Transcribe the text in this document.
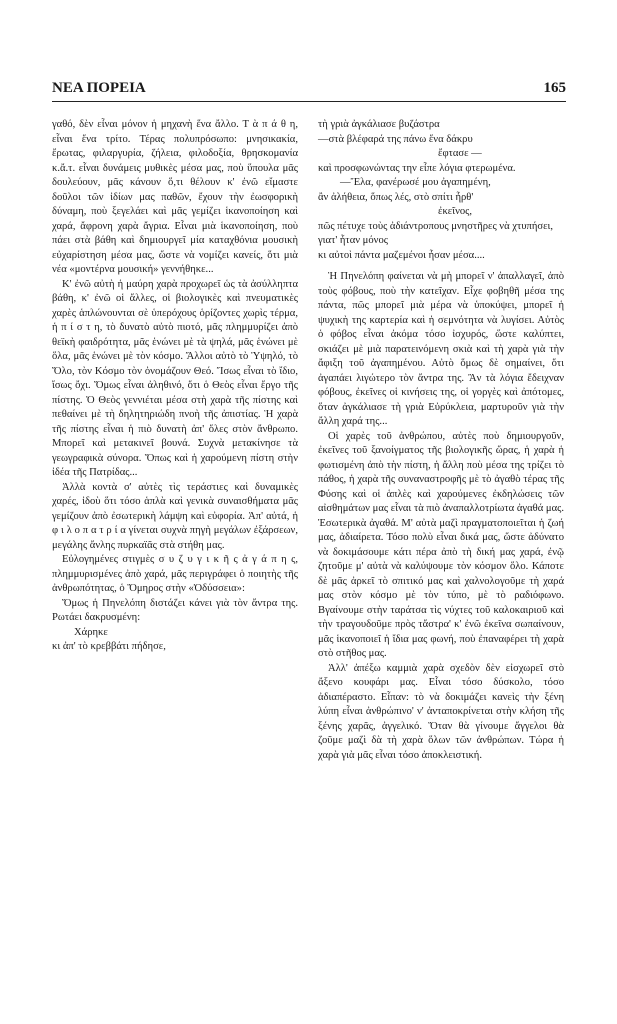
ΝΕΑ ΠΟΡΕΙΑ	165

γαθό, δὲν εἶναι μόνον ἡ μηχανὴ ἕνα ἄλλο. Τ ὰ π ά θ η, εἶναι ἕνα τρίτο. Τέρας πολυπρόσωπο: μνησικακία, ἔρωτας, φιλαργυρία, ζήλεια, φιλοδοξία, θρησκομανία κ.ἄ.τ. εἶναι δυνάμεις μυθικὲς μέσα μας, ποὺ ὕπουλα μᾶς δουλεύουν, μᾶς κάνουν ὅ,τι θέλουν κ' ἐνῶ εἴμαστε δοῦλοι τῶν ἰδίων μας παθῶν, ἔχουν τὴν ἐωσφορικὴ δύναμη, ποὺ ξεγελάει καὶ μᾶς γεμίζει ἱκανοποίηση καὶ χαρά, ἄφρονη χαρὰ ἄγρια. Εἶναι μιὰ ἱκανοποίηση, ποὺ πάει στὰ βάθη καὶ δημιουργεῖ μία καταχθόνια μουσικὴ εὐχαρίστηση μέσα μας, ὥστε νὰ νομίζει κανείς, ὅτι μιὰ νέα «μοντέρνα μουσική» γεννήθηκε...

Κ' ἐνῶ αὐτὴ ἡ μαύρη χαρὰ προχωρεῖ ὡς τὰ ἀσύλληπτα βάθη, κ' ἐνῶ οἱ ἄλλες, οἱ βιολογικὲς καὶ πνευματικὲς χαρὲς ἁπλώνουνται σὲ ὑπερόχους ὁρίζοντες χωρὶς τέρμα, ἡ π ί σ τ η, τὸ δυνατὸ αὐτὸ πιοτό, μᾶς πλημμυρίζει ἀπὸ θεϊκὴ φαιδρότητα, μᾶς ἑνώνει μὲ τὰ ψηλά, μᾶς ἑνώνει μὲ ὅλα, μᾶς ἑνώνει μὲ τὸν κόσμο. Ἄλλοι αὐτὸ τὸ Ὑψηλό, τὸ Ὅλο, τὸν Κόσμο τὸν ὀνομάζουν Θεό. Ἴσως εἶναι τὸ ἴδιο, ἴσως ὄχι. Ὅμως εἶναι ἀληθινό, ὅτι ὁ Θεὸς εἶναι ἔργο τῆς πίστης. Ὁ Θεὸς γεννιέται μέσα στὴ χαρὰ τῆς πίστης καὶ πεθαίνει μὲ τὴ δηλητηριώδη πνοὴ τῆς ἀπιστίας. Ἡ χαρὰ τῆς πίστης εἶναι ἡ πιὸ δυνατὴ ἀπ' ὅλες στὸν ἄνθρωπο. Μπορεῖ καὶ μετακινεῖ βουνά. Συχνὰ μετακίνησε τὰ γεωγραφικὰ σύνορα. Ὅπως καὶ ἡ χαρούμενη πίστη στὴν ἰδέα τῆς Πατρίδας...

Ἀλλὰ κοντὰ σ' αὐτὲς τὶς τεράστιες καὶ δυναμικὲς χαρές, ἰδοὺ ὅτι τόσο ἁπλὰ καὶ γενικὰ συναισθήματα μᾶς γεμίζουν ἀπὸ ἐσωτερικὴ λάμψη καὶ εὐφορία. Ἀπ' αὐτά, ἡ φ ι λ ο π α τ ρ ί α γίνεται συχνὰ πηγὴ μεγάλων ἐξάρσεων, μεγάλης ἄνλης πυρκαϊᾶς στὰ στήθη μας.

Εὐλογημένες στιγμὲς σ υ ζ υ γ ι κ ῆ ς ἀ γ ά π η ς, πλημμυρισμένες ἀπὸ χαρά, μᾶς περιγράφει ὁ ποιητὴς τῆς ἀνθρωπότητας, ὁ Ὅμηρος στὴν «Ὀδύσσεια»:

Ὅμως ἡ Πηνελόπη διστάζει κάνει γιὰ τὸν ἄντρα της. Ρωτάει δακρυσμένη:

Χάρηκε
κι ἀπ' τὸ κρεββάτι πήδησε,
τὴ γριὰ ἀγκάλιασε βυζάστρα
—στὰ βλέφαρά της πάνω ἕνα δάκρυ
ἔφτασε —
καὶ προσφωνώντας την εἶπε λόγια φτερωμένα.
—Ἔλα, φανέρωσέ μου ἀγαπημένη,
ἂν ἀλήθεια, ὅπως λές, στὸ σπίτι ἦρθ'
ἐκεῖνος,
πῶς πέτυχε τοὺς ἀδιάντροπους μνηστῆρες νὰ χτυπήσει,
γιατ' ἦταν μόνος
κι αὐτοὶ πάντα μαζεμένοι ἦσαν μέσα....

Ἡ Πηνελόπη φαίνεται νὰ μὴ μπορεῖ ν' ἀπαλλαγεῖ, ἀπὸ τοὺς φόβους, ποὺ τὴν κατεῖχαν. Εἶχε φοβηθῆ μέσα της πάντα, πῶς μπορεῖ μιὰ μέρα νὰ ὑποκύψει, μπορεῖ ἡ ψυχικὴ της καρτερία καὶ ἡ σεμνότητα νὰ λυγίσει. Αὐτὸς ὁ φόβος εἶναι ἀκόμα τόσο ἰσχυρός, ὥστε καλύπτει, σκιάζει μὲ μιὰ παρατεινόμενη σκιὰ καὶ τὴ χαρὰ γιὰ τὴν ἄφιξη τοῦ ἀγαπημένου. Αὐτὸ ὅμως δὲ σημαίνει, ὅτι ἀγαπάει λιγώτερο τὸν ἄντρα της. Ἂν τὰ λόγια ἔδειχναν φόβους, ἐκεῖνες οἱ κινήσεις της, οἱ γοργὲς καὶ ἀπότομες, ὅταν ἀγκάλιασε τὴ γριὰ Εὐρύκλεια, μαρτυροῦν γιὰ τὴν ἄλλη χαρά της...

Οἱ χαρὲς τοῦ ἀνθρώπου, αὐτὲς ποὺ δημιουργοῦν, ἐκεῖνες τοῦ ξανοίγματος τῆς βιολογικῆς ὥρας, ἡ χαρὰ ἡ φωτισμένη ἀπὸ τὴν πίστη, ἡ ἄλλη ποὺ μέσα της τρίζει τὸ πάθος, ἡ χαρὰ τῆς συναναστροφῆς μὲ τὸ ἀγαθὸ τέρας τῆς Φύσης καὶ οἱ ἁπλὲς καὶ χαρούμενες ἐκδηλώσεις τῶν αἰσθημάτων μας εἶναι τὰ πιὸ ἀναπαλλοτρίωτα ἀγαθά μας. Ἐσωτερικὰ ἀγαθά. Μ' αὐτὰ μαζὶ πραγματοποιεῖται ἡ ζωή μας, ἀδιαίρετα. Τόσο πολὺ εἶναι δικά μας, ὥστε ἀδύνατο νὰ δοκιμάσουμε κάτι πέρα ἀπὸ τὴ δική μας χαρά, ἐνῷ ζητοῦμε μ' αὐτὰ νὰ καλύψουμε τὸν κόσμον ὅλο. Κάποτε δὲ μᾶς ἀρκεῖ τὸ σπιτικό μας καὶ χαλνολογοῦμε τὴ χαρά μας στὸν κόσμο μὲ τὸν τύπο, μὲ τὸ ραδιόφωνο. Βγαίνουμε στὴν ταράτσα τὶς νύχτες τοῦ καλοκαιριοῦ καὶ τὴν τραγουδοῦμε πρὸς τἄστρα' κ' ἐνῶ ἐκεῖνα σωπαίνουν, μᾶς ἱκανοποιεῖ ἡ ἴδια μας φωνή, ποὺ ἐπαναφέρει τὴ χαρὰ στὸ στῆθος μας.

Ἀλλ' ἀπέξω καμμιὰ χαρὰ σχεδὸν δὲν εἰσχωρεῖ στὸ ἄξενο κουφάρι μας. Εἶναι τόσο δύσκολο, τόσο ἀδιαπέραστο. Εἶπαν: τὸ νὰ δοκιμάζει κανεὶς τὴν ξένη λύπη εἶναι ἀνθρώπινο' ν' ἀνταποκρίνεται στὴν κλήση τῆς ξένης χαρᾶς, ἀγγελικό. Ὅταν θὰ γίνουμε ἄγγελοι θὰ ζοῦμε μαζὶ δὰ τὴ χαρὰ ὅλων τῶν ἀνθρώπων. Τώρα ἡ χαρὰ γιὰ μᾶς εἶναι τόσο ἀποκλειστική.
